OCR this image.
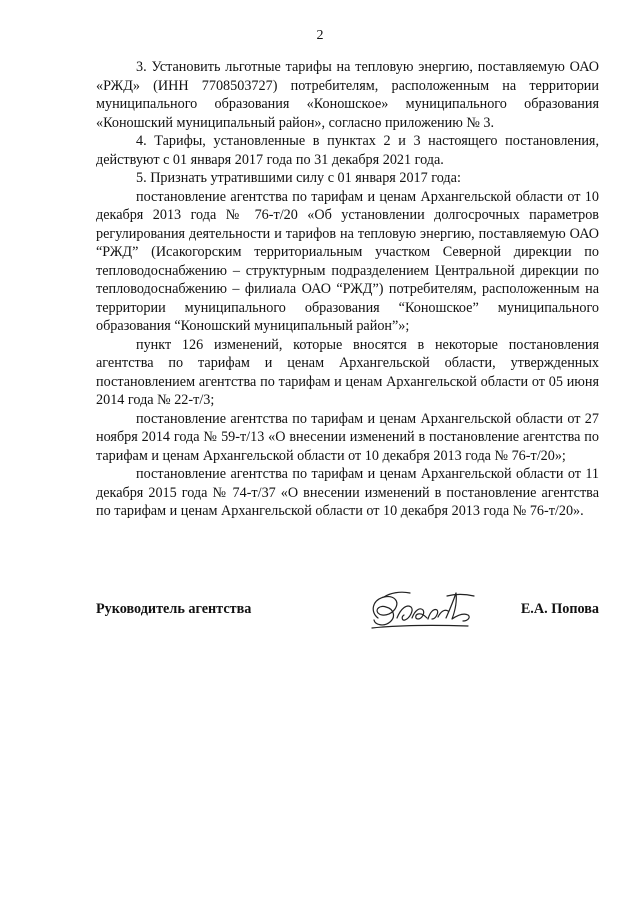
2

3. Установить льготные тарифы на тепловую энергию, поставляемую ОАО «РЖД» (ИНН 7708503727) потребителям, расположенным на территории муниципального образования «Коношское» муниципального образования «Коношский муниципальный район», согласно приложению № 3.

4. Тарифы, установленные в пунктах 2 и 3 настоящего постановления, действуют с 01 января 2017 года по 31 декабря 2021 года.

5. Признать утратившими силу с 01 января 2017 года:

постановление агентства по тарифам и ценам Архангельской области от 10 декабря 2013 года № 76-т/20 «Об установлении долгосрочных параметров регулирования деятельности и тарифов на тепловую энергию, поставляемую ОАО “РЖД” (Исакогорским территориальным участком Северной дирекции по тепловодоснабжению – структурным подразделением Центральной дирекции по тепловодоснабжению – филиала ОАО “РЖД”) потребителям, расположенным на территории муниципального образования “Коношское” муниципального образования “Коношский муниципальный район”»;

пункт 126 изменений, которые вносятся в некоторые постановления агентства по тарифам и ценам Архангельской области, утвержденных постановлением агентства по тарифам и ценам Архангельской области от 05 июня 2014 года № 22-т/3;

постановление агентства по тарифам и ценам Архангельской области от 27 ноября 2014 года № 59-т/13 «О внесении изменений в постановление агентства по тарифам и ценам Архангельской области от 10 декабря 2013 года № 76-т/20»;

постановление агентства по тарифам и ценам Архангельской области от 11 декабря 2015 года № 74-т/37 «О внесении изменений в постановление агентства по тарифам и ценам Архангельской области от 10 декабря 2013 года № 76-т/20».

Руководитель агентства	Е.А. Попова
